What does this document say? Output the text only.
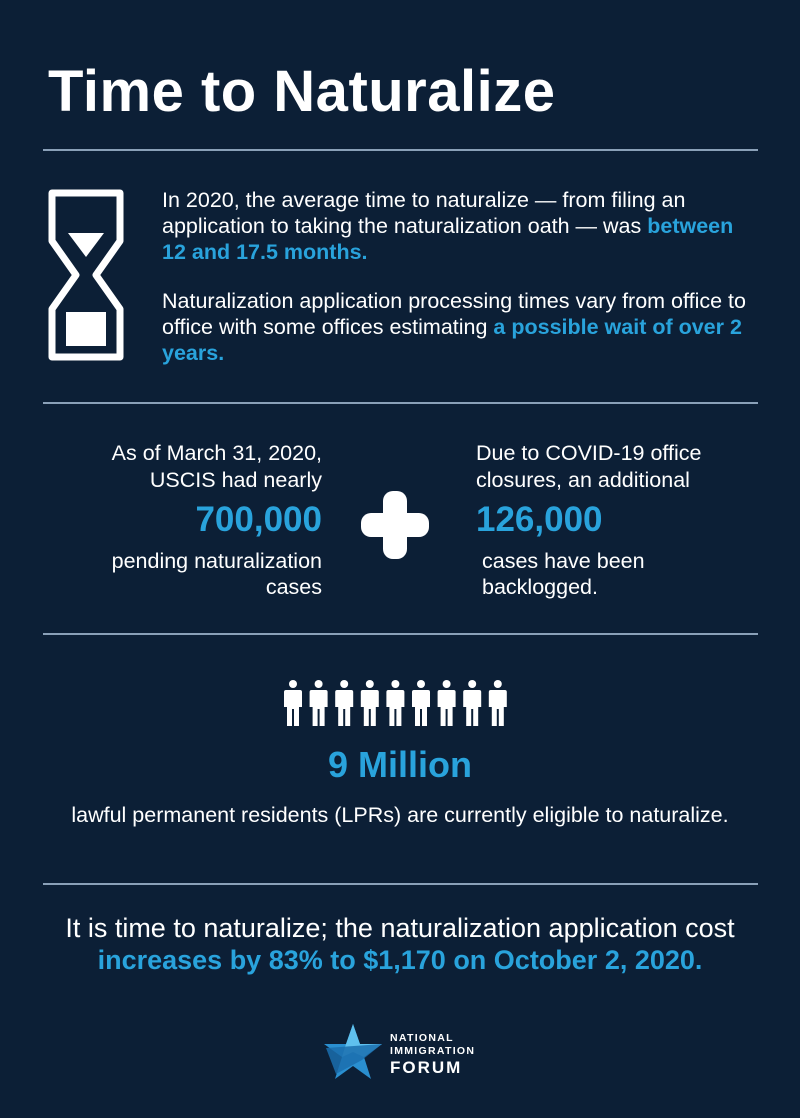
Time to Naturalize

In 2020, the average time to naturalize — from filing an application to taking the naturalization oath — was between 12 and 17.5 months.

Naturalization application processing times vary from office to office with some offices estimating a possible wait of over 2 years.

As of March 31, 2020,
USCIS had nearly

700,000

pending naturalization
cases

Due to COVID-19 office
closures, an additional

126,000

cases have been
backlogged.

9 Million

lawful permanent residents (LPRs) are currently eligible to naturalize.

It is time to naturalize; the naturalization application cost increases by 83% to $1,170 on October 2, 2020.

NATIONAL
IMMIGRATION
FORUM
